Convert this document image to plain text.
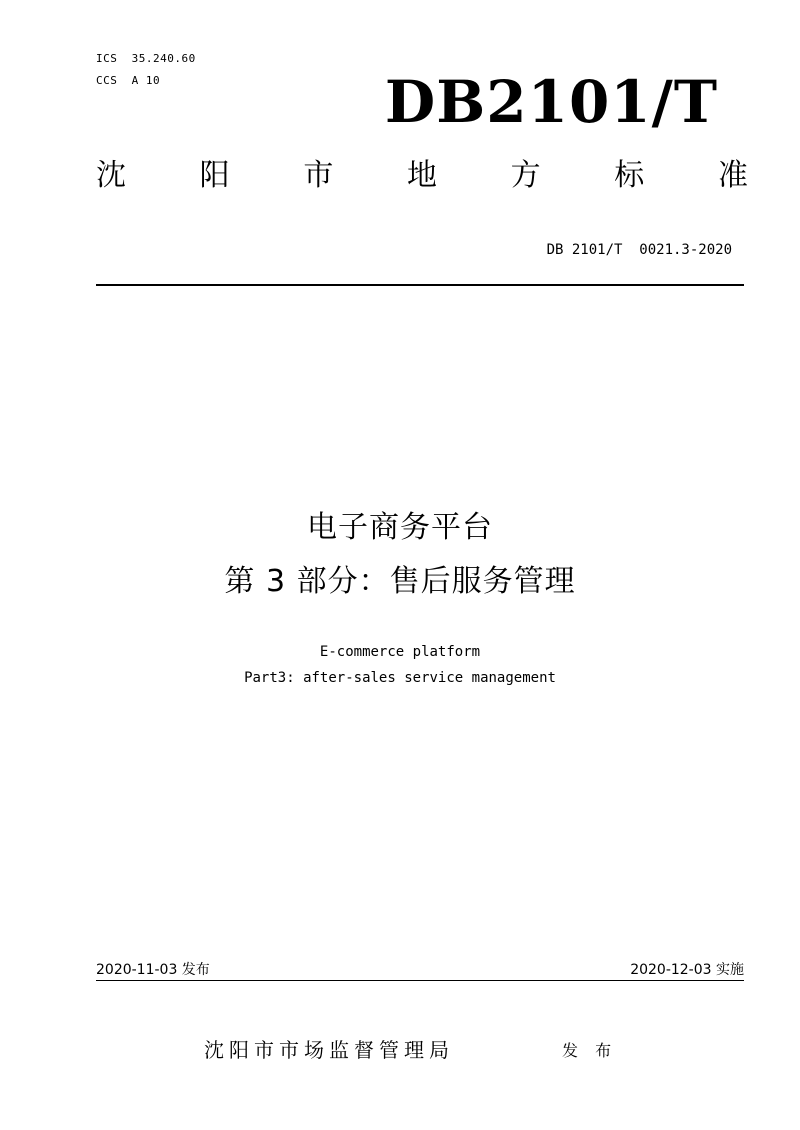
ICS  35.240.60
CCS  A 10	DB2101/T
沈 阳 市 地 方 标 准
DB 2101/T  0021.3-2020
电子商务平台
第 3 部分：售后服务管理
E-commerce platform
Part3: after-sales service management
2020-11-03 发布	2020-12-03 实施
沈阳市市场监督管理局	发 布
